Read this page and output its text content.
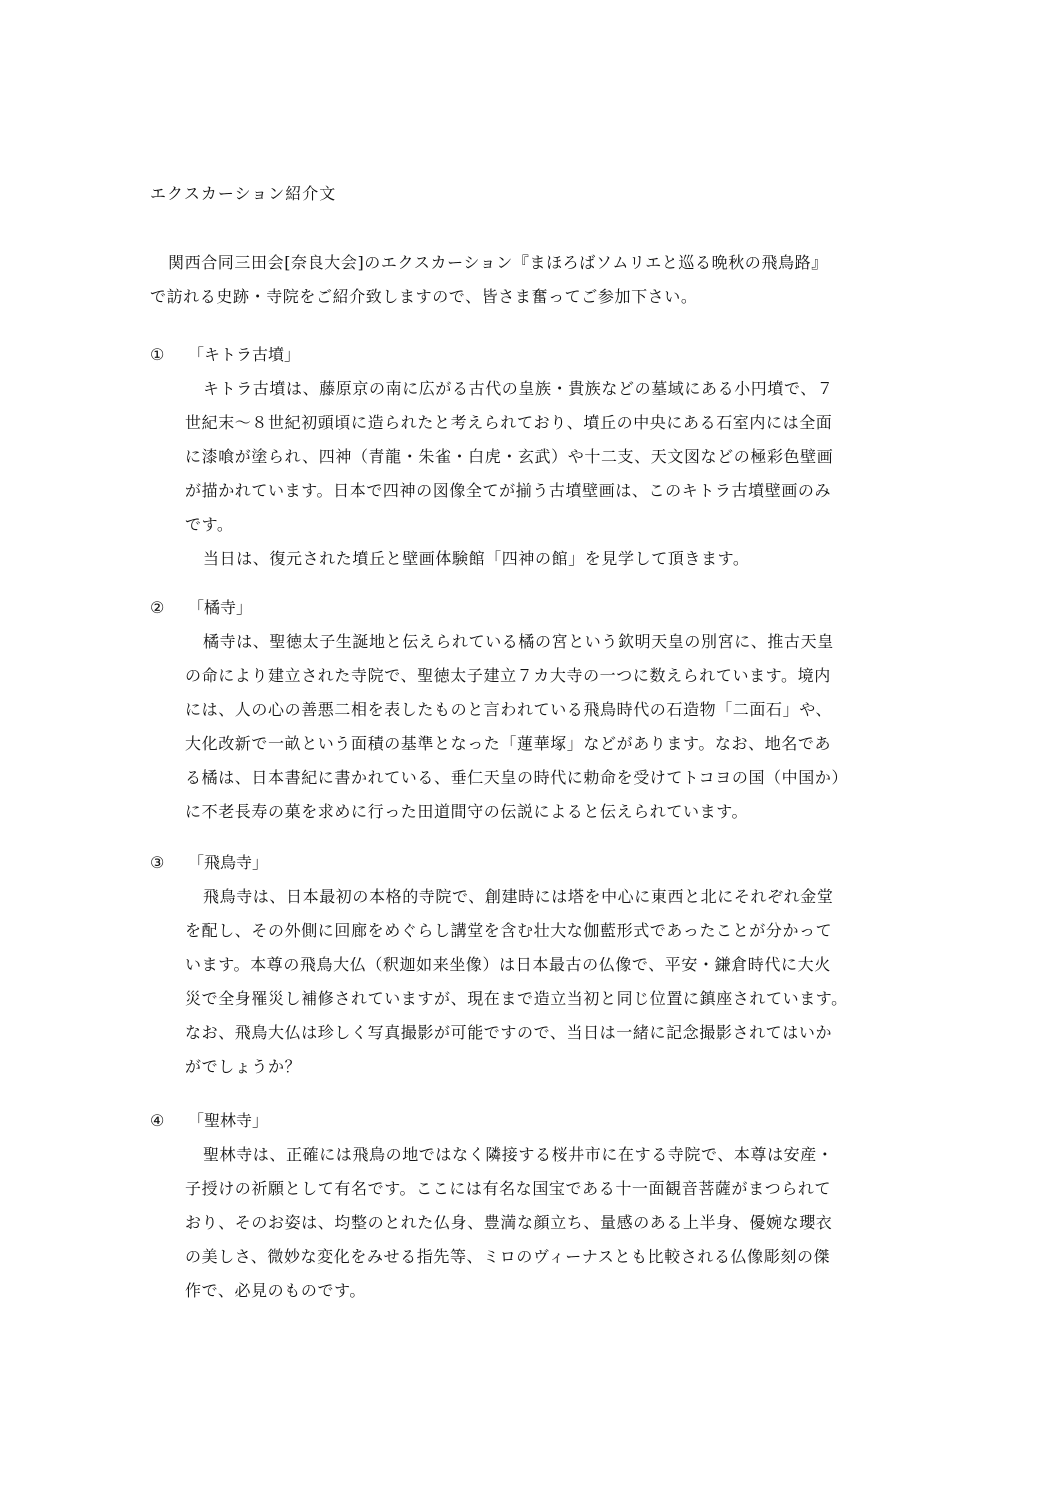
エクスカーション紹介文
関西合同三田会[奈良大会]のエクスカーション『まほろばソムリエと巡る晩秋の飛鳥路』
で訪れる史跡・寺院をご紹介致しますので、皆さま奮ってご参加下さい。
① 「キトラ古墳」
キトラ古墳は、藤原京の南に広がる古代の皇族・貴族などの墓域にある小円墳で、７
世紀末～８世紀初頭頃に造られたと考えられており、墳丘の中央にある石室内には全面
に漆喰が塗られ、四神（青龍・朱雀・白虎・玄武）や十二支、天文図などの極彩色壁画
が描かれています。日本で四神の図像全てが揃う古墳壁画は、このキトラ古墳壁画のみ
です。
当日は、復元された墳丘と壁画体験館「四神の館」を見学して頂きます。
② 「橘寺」
橘寺は、聖徳太子生誕地と伝えられている橘の宮という欽明天皇の別宮に、推古天皇
の命により建立された寺院で、聖徳太子建立７カ大寺の一つに数えられています。境内
には、人の心の善悪二相を表したものと言われている飛鳥時代の石造物「二面石」や、
大化改新で一畝という面積の基準となった「蓮華塚」などがあります。なお、地名であ
る橘は、日本書紀に書かれている、垂仁天皇の時代に勅命を受けてトコヨの国（中国か）
に不老長寿の菓を求めに行った田道間守の伝説によると伝えられています。
③ 「飛鳥寺」
飛鳥寺は、日本最初の本格的寺院で、創建時には塔を中心に東西と北にそれぞれ金堂
を配し、その外側に回廊をめぐらし講堂を含む壮大な伽藍形式であったことが分かって
います。本尊の飛鳥大仏（釈迦如来坐像）は日本最古の仏像で、平安・鎌倉時代に大火
災で全身罹災し補修されていますが、現在まで造立当初と同じ位置に鎮座されています。
なお、飛鳥大仏は珍しく写真撮影が可能ですので、当日は一緒に記念撮影されてはいか
がでしょうか？
④ 「聖林寺」
聖林寺は、正確には飛鳥の地ではなく隣接する桜井市に在する寺院で、本尊は安産・
子授けの祈願として有名です。ここには有名な国宝である十一面観音菩薩がまつられて
おり、そのお姿は、均整のとれた仏身、豊満な顔立ち、量感のある上半身、優婉な瓔衣
の美しさ、微妙な変化をみせる指先等、ミロのヴィーナスとも比較される仏像彫刻の傑
作で、必見のものです。
